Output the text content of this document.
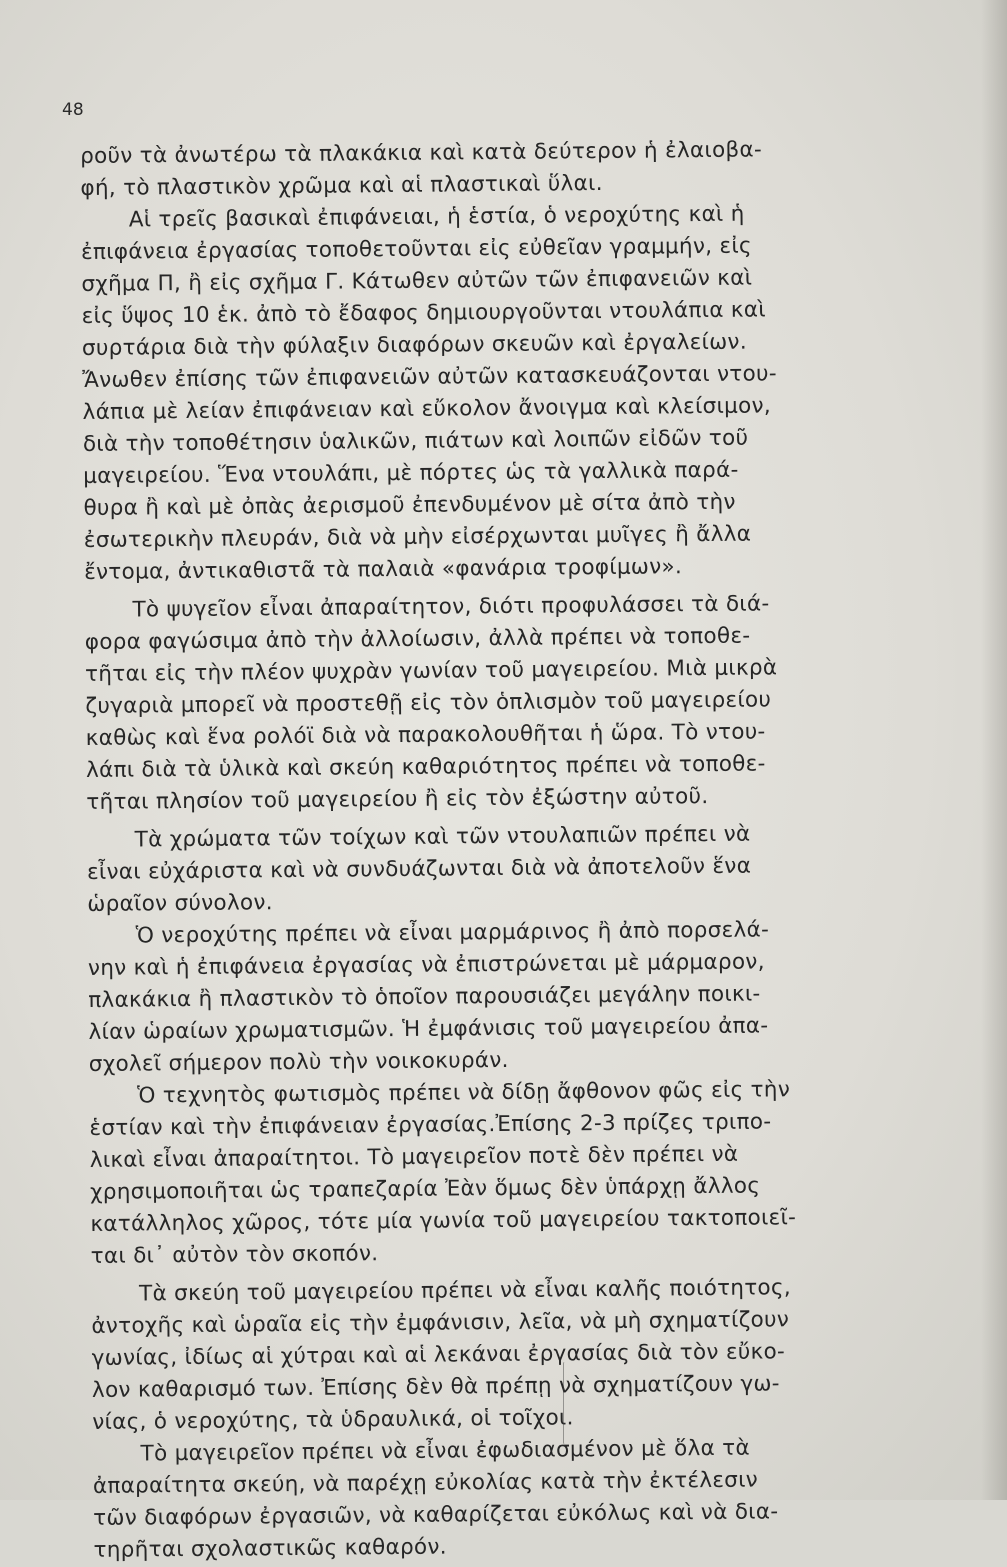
48
ροῦν τὰ ἀνωτέρω τὰ πλακάκια καὶ κατὰ δεύτερον ἡ ἐλαιοβα-
φή, τὸ πλαστικὸν χρῶμα καὶ αἱ πλαστικαὶ ὕλαι.
Αἱ τρεῖς βασικαὶ ἐπιφάνειαι, ἡ ἑστία, ὁ νεροχύτης καὶ ἡ
ἐπιφάνεια ἐργασίας τοποθετοῦνται εἰς εὐθεῖαν γραμμήν, εἰς
σχῆμα Π, ἢ εἰς σχῆμα Γ. Κάτωθεν αὐτῶν τῶν ἐπιφανειῶν καὶ
εἰς ὕψος 10 ἑκ. ἀπὸ τὸ ἔδαφος δημιουργοῦνται ντουλάπια καὶ
συρτάρια διὰ τὴν φύλαξιν διαφόρων σκευῶν καὶ ἐργαλείων.
Ἄνωθεν ἐπίσης τῶν ἐπιφανειῶν αὐτῶν κατασκευάζονται ντου-
λάπια μὲ λείαν ἐπιφάνειαν καὶ εὔκολον ἄνοιγμα καὶ κλείσιμον,
διὰ τὴν τοποθέτησιν ὑαλικῶν, πιάτων καὶ λοιπῶν εἰδῶν τοῦ
μαγειρείου. Ἕνα ντουλάπι, μὲ πόρτες ὡς τὰ γαλλικὰ παρά-
θυρα ἢ καὶ μὲ ὀπὰς ἀερισμοῦ ἐπενδυμένον μὲ σίτα ἀπὸ τὴν
ἐσωτερικὴν πλευράν, διὰ νὰ μὴν εἰσέρχωνται μυῖγες ἢ ἄλλα
ἔντομα, ἀντικαθιστᾶ τὰ παλαιὰ «φανάρια τροφίμων».
Τὸ ψυγεῖον εἶναι ἀπαραίτητον, διότι προφυλάσσει τὰ διά-
φορα φαγώσιμα ἀπὸ τὴν ἀλλοίωσιν, ἀλλὰ πρέπει νὰ τοποθε-
τῆται εἰς τὴν πλέον ψυχρὰν γωνίαν τοῦ μαγειρείου. Μιὰ μικρὰ
ζυγαριὰ μπορεῖ νὰ προστεθῇ εἰς τὸν ὁπλισμὸν τοῦ μαγειρείου
καθὼς καὶ ἕνα ρολόϊ διὰ νὰ παρακολουθῆται ἡ ὥρα. Τὸ ντου-
λάπι διὰ τὰ ὑλικὰ καὶ σκεύη καθαριότητος πρέπει νὰ τοποθε-
τῆται πλησίον τοῦ μαγειρείου ἢ εἰς τὸν ἐξώστην αὐτοῦ.
Τὰ χρώματα τῶν τοίχων καὶ τῶν ντουλαπιῶν πρέπει νὰ
εἶναι εὐχάριστα καὶ νὰ συνδυάζωνται διὰ νὰ ἀποτελοῦν ἕνα
ὡραῖον σύνολον.
Ὁ νεροχύτης πρέπει νὰ εἶναι μαρμάρινος ἢ ἀπὸ πορσελά-
νην καὶ ἡ ἐπιφάνεια ἐργασίας νὰ ἐπιστρώνεται μὲ μάρμαρον,
πλακάκια ἢ πλαστικὸν τὸ ὁποῖον παρουσιάζει μεγάλην ποικι-
λίαν ὡραίων χρωματισμῶν. Ἡ ἐμφάνισις τοῦ μαγειρείου ἀπα-
σχολεῖ σήμερον πολὺ τὴν νοικοκυράν.
Ὁ τεχνητὸς φωτισμὸς πρέπει νὰ δίδῃ ἄφθονον φῶς εἰς τὴν
ἑστίαν καὶ τὴν ἐπιφάνειαν ἐργασίας.Ἐπίσης 2-3 πρίζες τριπο-
λικαὶ εἶναι ἀπαραίτητοι. Τὸ μαγειρεῖον ποτὲ δὲν πρέπει νὰ
χρησιμοποιῆται ὡς τραπεζαρία Ἐὰν ὅμως δὲν ὑπάρχῃ ἄλλος
κατάλληλος χῶρος, τότε μία γωνία τοῦ μαγειρείου τακτοποιεῖ-
ται δι᾽ αὐτὸν τὸν σκοπόν.
Τὰ σκεύη τοῦ μαγειρείου πρέπει νὰ εἶναι καλῆς ποιότητος,
ἀντοχῆς καὶ ὡραῖα εἰς τὴν ἐμφάνισιν, λεῖα, νὰ μὴ σχηματίζουν
γωνίας, ἰδίως αἱ χύτραι καὶ αἱ λεκάναι ἐργασίας διὰ τὸν εὔκο-
λον καθαρισμό των. Ἐπίσης δὲν θὰ πρέπῃ νὰ σχηματίζουν γω-
νίας, ὁ νεροχύτης, τὰ ὑδραυλικά, οἱ τοῖχοι.
Τὸ μαγειρεῖον πρέπει νὰ εἶναι ἐφωδιασμένον μὲ ὅλα τὰ
ἀπαραίτητα σκεύη, νὰ παρέχῃ εὐκολίας κατὰ τὴν ἐκτέλεσιν
τῶν διαφόρων ἐργασιῶν, νὰ καθαρίζεται εὐκόλως καὶ νὰ δια-
τηρῆται σχολαστικῶς καθαρόν.
